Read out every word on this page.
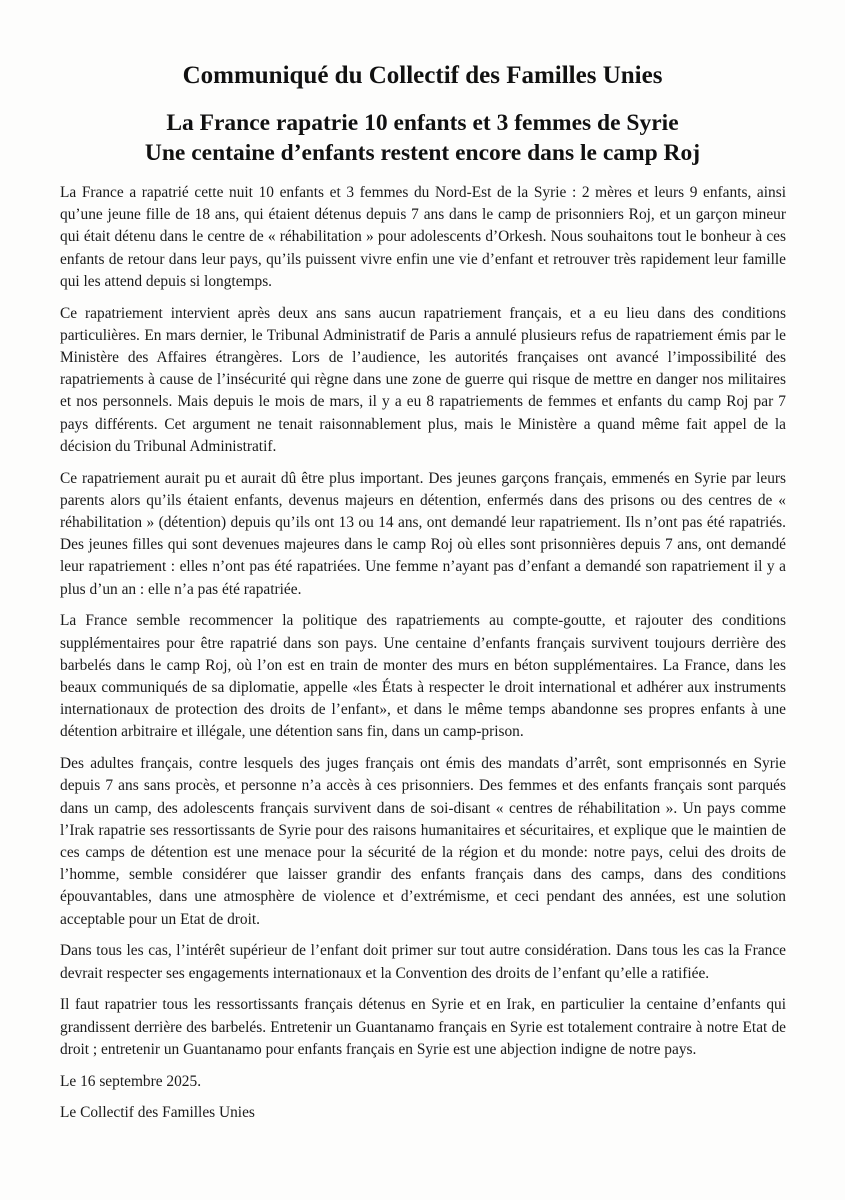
Communiqué du Collectif des Familles Unies
La France rapatrie 10 enfants et 3 femmes de Syrie
Une centaine d’enfants restent encore dans le camp Roj

La France a rapatrié cette nuit 10 enfants et 3 femmes du Nord-Est de la Syrie : 2 mères et leurs 9 enfants, ainsi qu’une jeune fille de 18 ans, qui étaient détenus depuis 7 ans dans le camp de prisonniers Roj, et un garçon mineur qui était détenu dans le centre de « réhabilitation » pour adolescents d’Orkesh. Nous souhaitons tout le bonheur à ces enfants de retour dans leur pays, qu’ils puissent vivre enfin une vie d’enfant et retrouver très rapidement leur famille qui les attend depuis si longtemps.

Ce rapatriement intervient après deux ans sans aucun rapatriement français, et a eu lieu dans des conditions particulières. En mars dernier, le Tribunal Administratif de Paris a annulé plusieurs refus de rapatriement émis par le Ministère des Affaires étrangères. Lors de l’audience, les autorités françaises ont avancé l’impossibilité des rapatriements à cause de l’insécurité qui règne dans une zone de guerre qui risque de mettre en danger nos militaires et nos personnels. Mais depuis le mois de mars, il y a eu 8 rapatriements de femmes et enfants du camp Roj par 7 pays différents. Cet argument ne tenait raisonnablement plus, mais le Ministère a quand même fait appel de la décision du Tribunal Administratif.

Ce rapatriement aurait pu et aurait dû être plus important. Des jeunes garçons français, emmenés en Syrie par leurs parents alors qu’ils étaient enfants, devenus majeurs en détention, enfermés dans des prisons ou des centres de « réhabilitation » (détention) depuis qu’ils ont 13 ou 14 ans, ont demandé leur rapatriement. Ils n’ont pas été rapatriés. Des jeunes filles qui sont devenues majeures dans le camp Roj où elles sont prisonnières depuis 7 ans, ont demandé leur rapatriement : elles n’ont pas été rapatriées. Une femme n’ayant pas d’enfant a demandé son rapatriement il y a plus d’un an : elle n’a pas été rapatriée.

La France semble recommencer la politique des rapatriements au compte-goutte, et rajouter des conditions supplémentaires pour être rapatrié dans son pays. Une centaine d’enfants français survivent toujours derrière des barbelés dans le camp Roj, où l’on est en train de monter des murs en béton supplémentaires. La France, dans les beaux communiqués de sa diplomatie, appelle «les États à respecter le droit international et adhérer aux instruments internationaux de protection des droits de l’enfant», et dans le même temps abandonne ses propres enfants à une détention arbitraire et illégale, une détention sans fin, dans un camp-prison.

Des adultes français, contre lesquels des juges français ont émis des mandats d’arrêt, sont emprisonnés en Syrie depuis 7 ans sans procès, et personne n’a accès à ces prisonniers. Des femmes et des enfants français sont parqués dans un camp, des adolescents français survivent dans de soi-disant « centres de réhabilitation ». Un pays comme l’Irak rapatrie ses ressortissants de Syrie pour des raisons humanitaires et sécuritaires, et explique que le maintien de ces camps de détention est une menace pour la sécurité de la région et du monde: notre pays, celui des droits de l’homme, semble considérer que laisser grandir des enfants français dans des camps, dans des conditions épouvantables, dans une atmosphère de violence et d’extrémisme, et ceci pendant des années, est une solution acceptable pour un Etat de droit.

Dans tous les cas, l’intérêt supérieur de l’enfant doit primer sur tout autre considération. Dans tous les cas la France devrait respecter ses engagements internationaux et la Convention des droits de l’enfant qu’elle a ratifiée.

Il faut rapatrier tous les ressortissants français détenus en Syrie et en Irak, en particulier la centaine d’enfants qui grandissent derrière des barbelés. Entretenir un Guantanamo français en Syrie est totalement contraire à notre Etat de droit ; entretenir un Guantanamo pour enfants français en Syrie est une abjection indigne de notre pays.

Le 16 septembre 2025.

Le Collectif des Familles Unies
